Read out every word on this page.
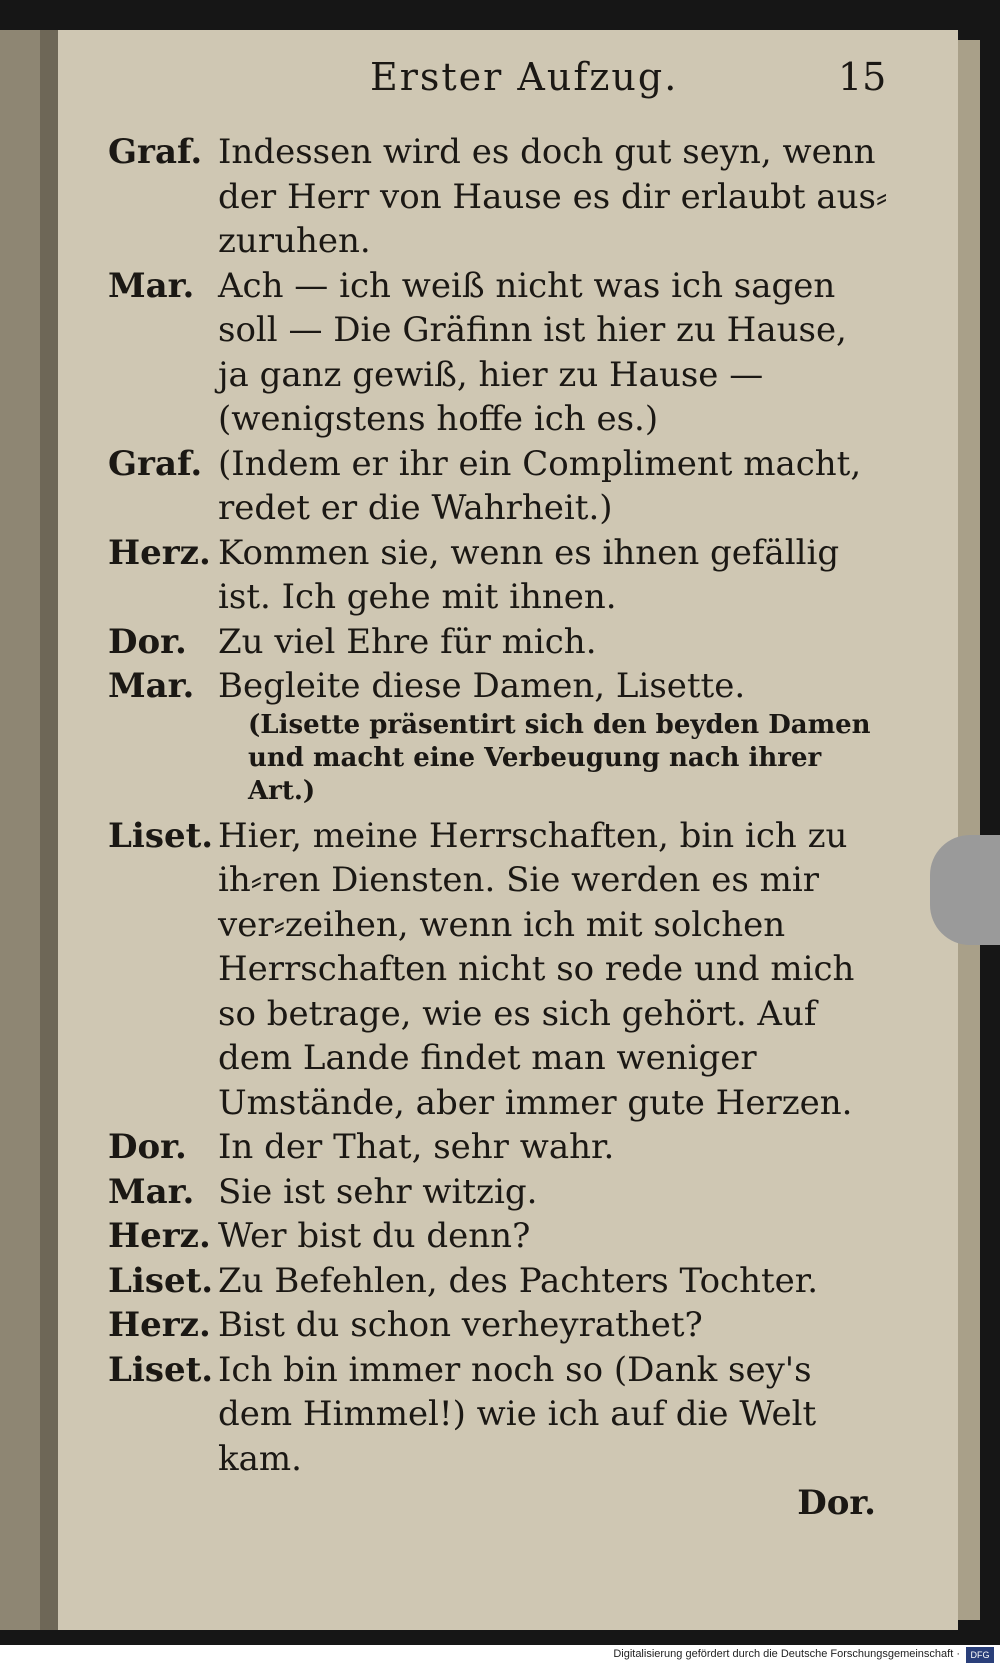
Erster Aufzug.	15
Graf. Indessen wird es doch gut seyn, wenn der Herr von Hause es dir erlaubt aus⸗zuruhen.
Mar. Ach — ich weiß nicht was ich sagen soll — Die Gräfinn ist hier zu Hause, ja ganz gewiß, hier zu Hause — (wenigstens hoffe ich es.)
Graf. (Indem er ihr ein Compliment macht, redet er die Wahrheit.)
Herz. Kommen sie, wenn es ihnen gefällig ist. Ich gehe mit ihnen.
Dor. Zu viel Ehre für mich.
Mar. Begleite diese Damen, Lisette.
(Lisette präsentirt sich den beyden Damen und macht eine Verbeugung nach ihrer Art.)
Liset. Hier, meine Herrschaften, bin ich zu ih⸗ren Diensten. Sie werden es mir ver⸗zeihen, wenn ich mit solchen Herrschaften nicht so rede und mich so betrage, wie es sich gehört. Auf dem Lande findet man weniger Umstände, aber immer gute Herzen.
Dor. In der That, sehr wahr.
Mar. Sie ist sehr witzig.
Herz. Wer bist du denn?
Liset. Zu Befehlen, des Pachters Tochter.
Herz. Bist du schon verheyrathet?
Liset. Ich bin immer noch so (Dank sey's dem Himmel!) wie ich auf die Welt kam.
Dor.
Digitalisierung gefördert durch die Deutsche Forschungsgemeinschaft ·	DFG
